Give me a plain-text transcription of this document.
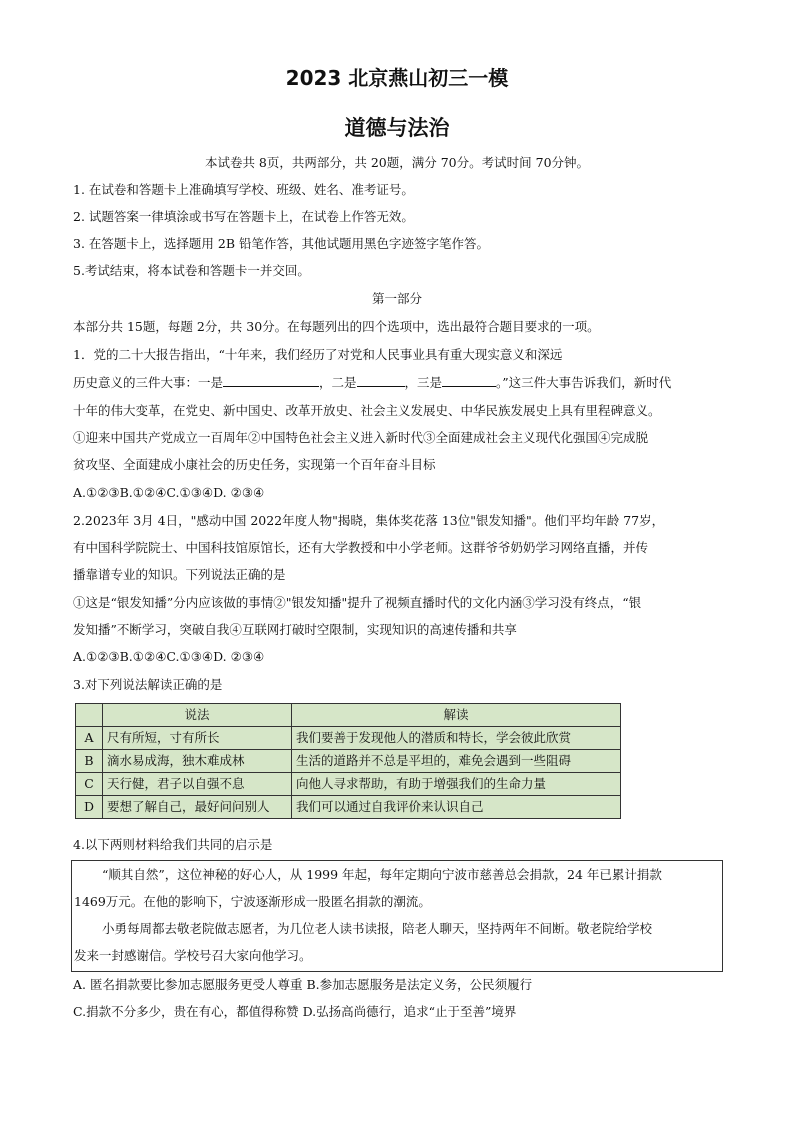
2023 北京燕山初三一模
道德与法治
本试卷共 8页，共两部分，共 20题，满分 70分。考试时间 70分钟。
1. 在试卷和答题卡上准确填写学校、班级、姓名、准考证号。
2. 试题答案一律填涂或书写在答题卡上，在试卷上作答无效。
3. 在答题卡上，选择题用 2B 铅笔作答，其他试题用黑色字迹签字笔作答。
5.考试结束，将本试卷和答题卡一并交回。
第一部分
本部分共 15题，每题 2分，共 30分。在每题列出的四个选项中，选出最符合题目要求的一项。
1．党的二十大报告指出，“十年来，我们经历了对党和人民事业具有重大现实意义和深远
历史意义的三件大事：一是	，二是	，三是	。”这三件大事告诉我们，新时代
十年的伟大变革，在党史、新中国史、改革开放史、社会主义发展史、中华民族发展史上具有里程碑意义。
①迎来中国共产党成立一百周年②中国特色社会主义进入新时代③全面建成社会主义现代化强国④完成脱
贫攻坚、全面建成小康社会的历史任务，实现第一个百年奋斗目标
A.①②③B.①②④C.①③④D. ②③④
2.2023年 3月 4日，"感动中国 2022年度人物"揭晓，集体奖花落 13位"银发知播"。他们平均年龄 77岁，
有中国科学院院士、中国科技馆原馆长，还有大学教授和中小学老师。这群爷爷奶奶学习网络直播，并传
播靠谱专业的知识。下列说法正确的是
①这是“银发知播”分内应该做的事情②"银发知播"提升了视频直播时代的文化内涵③学习没有终点，“银
发知播”不断学习，突破自我④互联网打破时空限制，实现知识的高速传播和共享
A.①②③B.①②④C.①③④D. ②③④
3.对下列说法解读正确的是
	说法	解读
A	尺有所短，寸有所长	我们要善于发现他人的潜质和特长，学会彼此欣赏
B	滴水易成海，独木难成林	生活的道路并不总是平坦的，难免会遇到一些阻碍
C	天行健，君子以自强不息	向他人寻求帮助，有助于增强我们的生命力量
D	要想了解自己，最好问问别人	我们可以通过自我评价来认识自己
4.以下两则材料给我们共同的启示是
“顺其自然”，这位神秘的好心人，从 1999 年起，每年定期向宁波市慈善总会捐款，24 年已累计捐款
1469万元。在他的影响下，宁波逐渐形成一股匿名捐款的潮流。
小勇每周都去敬老院做志愿者，为几位老人读书读报，陪老人聊天，坚持两年不间断。敬老院给学校
发来一封感谢信。学校号召大家向他学习。
A. 匿名捐款要比参加志愿服务更受人尊重 B.参加志愿服务是法定义务，公民须履行
C.捐款不分多少，贵在有心，都值得称赞 D.弘扬高尚德行，追求“止于至善”境界
